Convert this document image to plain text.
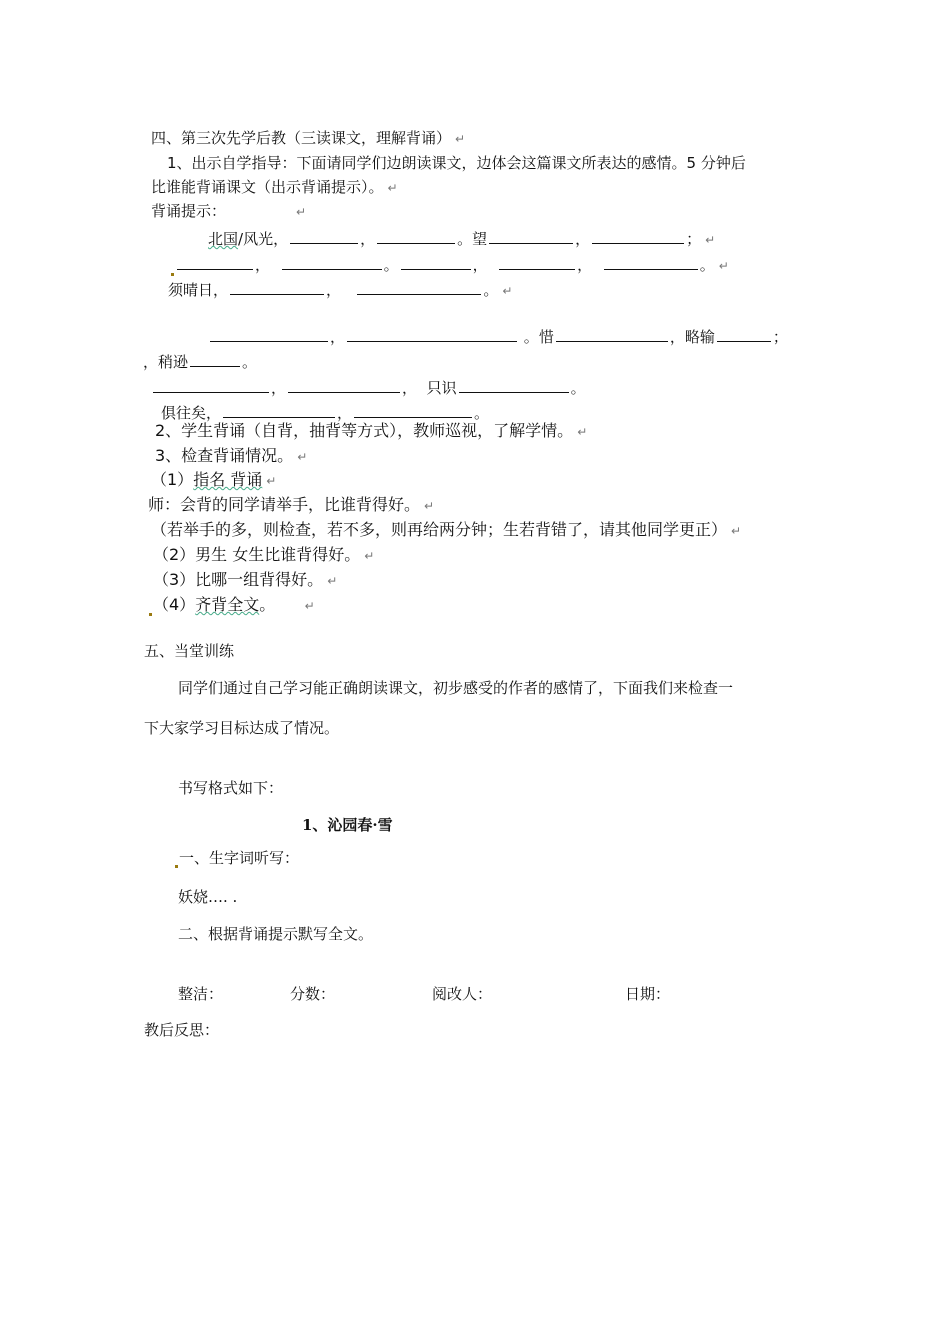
四、第三次先学后教（三读课文，理解背诵） ↵
1、出示自学指导：下面请同学们边朗读课文，边体会这篇课文所表达的感情。5 分钟后
比谁能背诵课文（出示背诵提示）。 ↵
背诵提示：	↵
北国/风光，	，	。望	，	； ↵
，	。	，	，	。 ↵
须晴日，	，	。 ↵
，	。惜	，略输	；
，稍逊	。
，	， 只识	。
俱往矣，	，	。
2、学生背诵（自背，抽背等方式），教师巡视，了解学情。 ↵
3、检查背诵情况。 ↵
（1）指名 背诵 ↵
师：会背的同学请举手，比谁背得好。 ↵
（若举手的多，则检查，若不多，则再给两分钟；生若背错了，请其他同学更正） ↵
（2）男生 女生比谁背得好。 ↵
（3）比哪一组背得好。 ↵
（4）齐背全文。 ↵
五、当堂训练
同学们通过自己学习能正确朗读课文，初步感受的作者的感情了，下面我们来检查一
下大家学习目标达成了情况。
书写格式如下：
1、沁园春·雪
一、生字词听写：
妖娆…. .
二、根据背诵提示默写全文。
整洁：	分数：	阅改人：	日期：
教后反思：
